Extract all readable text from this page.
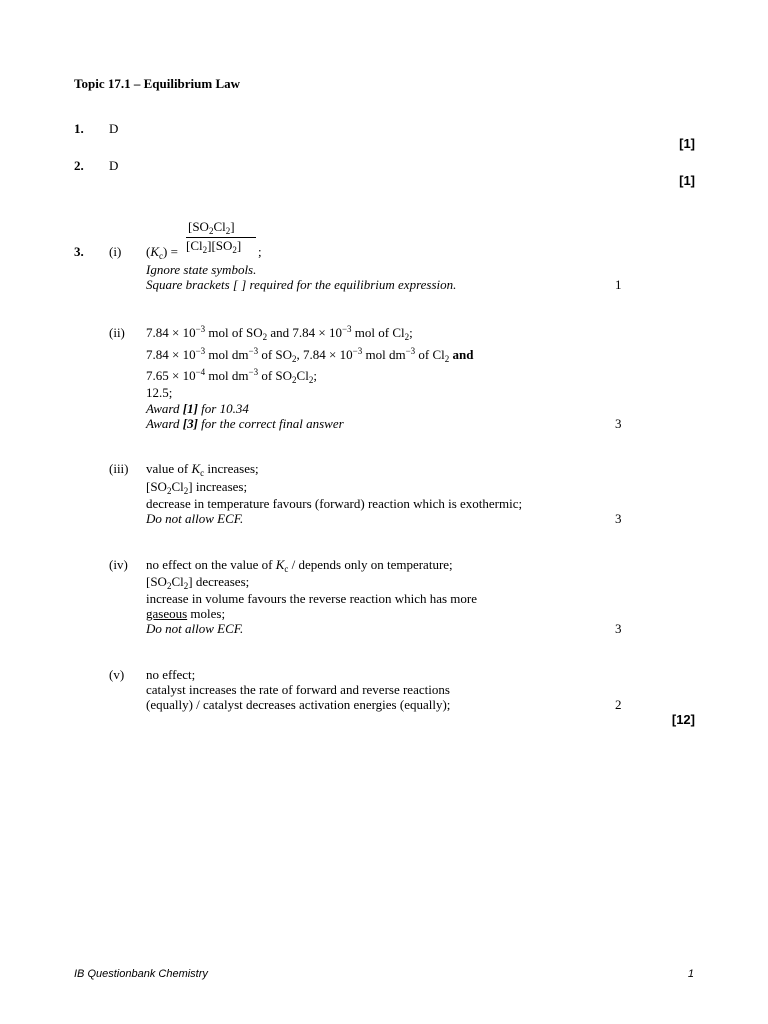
Topic 17.1 – Equilibrium Law
1. D
[1]
2. D
[1]
3. (i) $(K_c)$ =
$[SO_2Cl_2]$
$[Cl_2][SO_2]$ ;
Ignore state symbols.
Square brackets [ ] required for the equilibrium expression.	1
(ii) $7.84 \times 10^{-3}$ mol of $SO_2$ and $7.84 \times 10^{-3}$ mol of $Cl_2$;
$7.84 \times 10^{-3}$ mol $dm^{-3}$ of $SO_2$, $7.84 \times 10^{-3}$ mol $dm^{-3}$ of $Cl_2$ and
$7.65 \times 10^{-4}$ mol $dm^{-3}$ of $SO_2Cl_2$;
12.5;
Award [1] for 10.34
Award [3] for the correct final answer	3
(iii) value of $K_c$ increases;
$[SO_2Cl_2]$ increases;
decrease in temperature favours (forward) reaction which is exothermic;
Do not allow ECF.	3
(iv) no effect on the value of $K_c$ / depends only on temperature;
$[SO_2Cl_2]$ decreases;
increase in volume favours the reverse reaction which has more
gaseous moles;
Do not allow ECF.	3
(v) no effect;
catalyst increases the rate of forward and reverse reactions
(equally) / catalyst decreases activation energies (equally);	2
[12]
IB Questionbank Chemistry	1
